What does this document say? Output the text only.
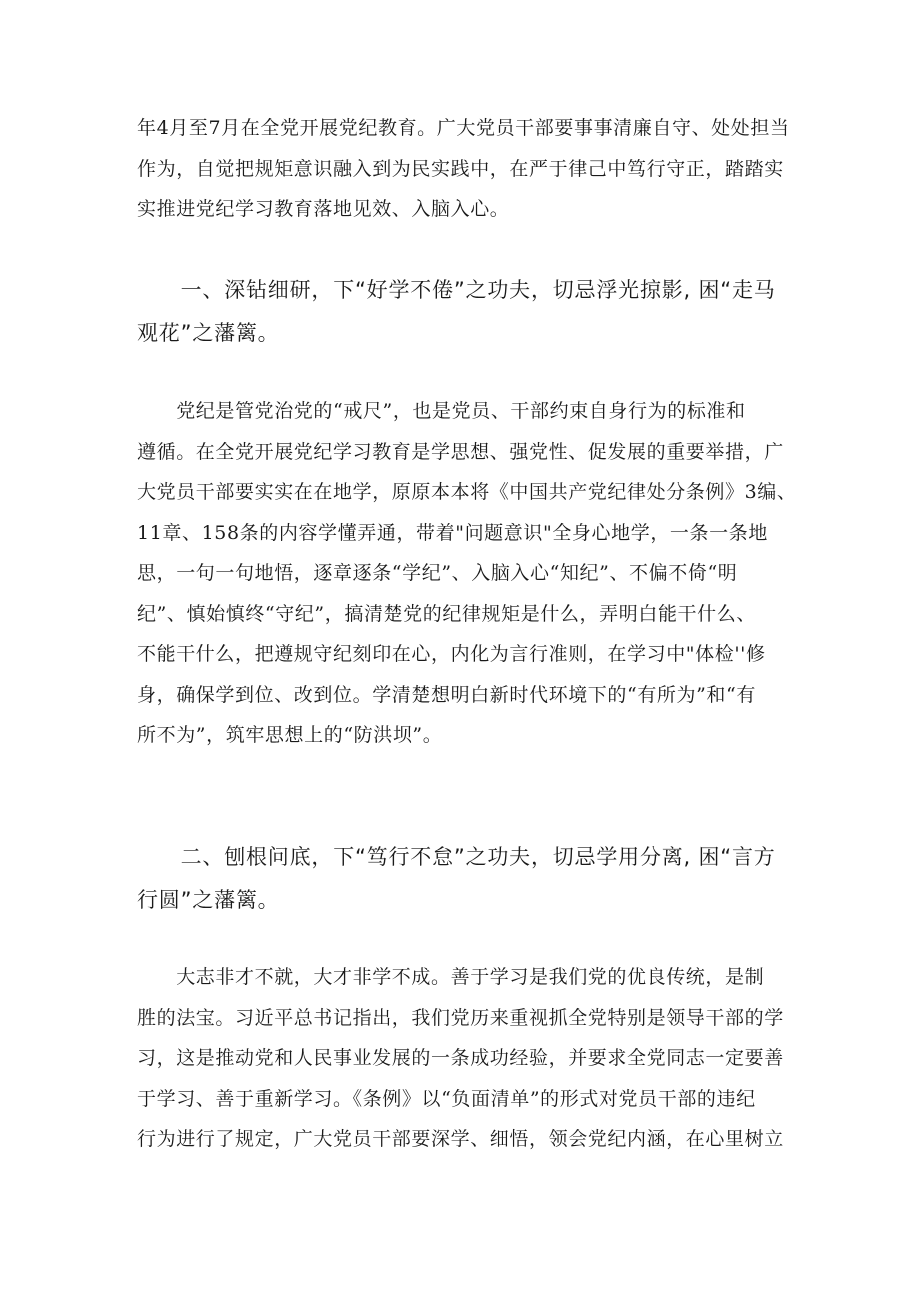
年4月至7月在全党开展党纪教育。广大党员干部要事事清廉自守、处处担当
作为，自觉把规矩意识融入到为民实践中，在严于律己中笃行守正，踏踏实
实推进党纪学习教育落地见效、入脑入心。
　　一、深钻细研，下“好学不倦”之功夫，切忌浮光掠影, 困“走马
观花”之藩篱。
　　党纪是管党治党的“戒尺”，也是党员、干部约束自身行为的标准和
遵循。在全党开展党纪学习教育是学思想、强党性、促发展的重要举措，广
大党员干部要实实在在地学，原原本本将《中国共产党纪律处分条例》3编、
11章、158条的内容学懂弄通，带着"问题意识"全身心地学，一条一条地
思，一句一句地悟，逐章逐条“学纪”、入脑入心“知纪”、不偏不倚“明
纪”、慎始慎终“守纪”，搞清楚党的纪律规矩是什么，弄明白能干什么、
不能干什么，把遵规守纪刻印在心，内化为言行准则，在学习中"体检''修
身，确保学到位、改到位。学清楚想明白新时代环境下的“有所为”和“有
所不为”，筑牢思想上的“防洪坝”。
　　二、刨根问底，下“笃行不怠”之功夫，切忌学用分离, 困“言方
行圆”之藩篱。
　　大志非才不就，大才非学不成。善于学习是我们党的优良传统，是制
胜的法宝。习近平总书记指出，我们党历来重视抓全党特别是领导干部的学
习，这是推动党和人民事业发展的一条成功经验，并要求全党同志一定要善
于学习、善于重新学习。《条例》以“负面清单”的形式对党员干部的违纪
行为进行了规定，广大党员干部要深学、细悟，领会党纪内涵，在心里树立
